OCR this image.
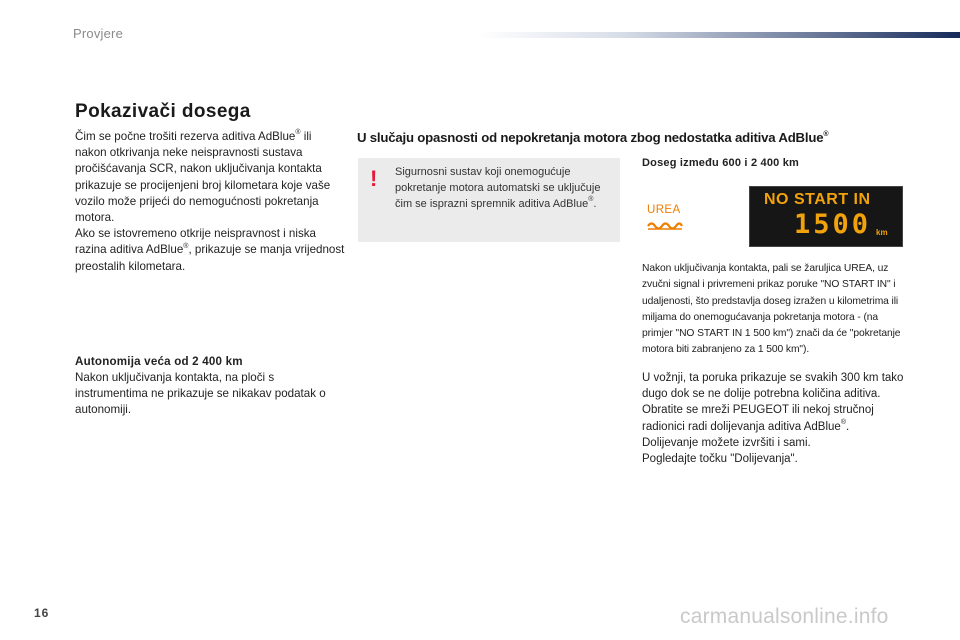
Provjere
Pokazivači dosega

Čim se počne trošiti rezerva aditiva AdBlue® ili nakon otkrivanja neke neispravnosti sustava pročišćavanja SCR, nakon uključivanja kontakta prikazuje se procijenjeni broj kilometara koje vaše vozilo može prijeći do nemogućnosti pokretanja motora.

Ako se istovremeno otkrije neispravnost i niska razina aditiva AdBlue®, prikazuje se manja vrijednost preostalih kilometara.

Autonomija veća od 2 400 km
Nakon uključivanja kontakta, na ploči s instrumentima ne prikazuje se nikakav podatak o autonomiji.
U slučaju opasnosti od nepokretanja motora zbog nedostatka aditiva AdBlue®
! Sigurnosni sustav koji onemogućuje pokretanje motora automatski se uključuje čim se isprazni spremnik aditiva AdBlue®.
Doseg između 600 i 2 400 km
UREA
NO START IN
1500 km

Nakon uključivanja kontakta, pali se žaruljica UREA, uz zvučni signal i privremeni prikaz poruke "NO START IN" i udaljenosti, što predstavlja doseg izražen u kilometrima ili miljama do onemogućavanja pokretanja motora - (na primjer "NO START IN 1 500 km") znači da će "pokretanje motora biti zabranjeno za 1 500 km").

U vožnji, ta poruka prikazuje se svakih 300 km tako dugo dok se ne dolije potrebna količina aditiva.

Obratite se mreži PEUGEOT ili nekoj stručnoj radionici radi dolijevanja aditiva AdBlue®.

Dolijevanje možete izvršiti i sami.

Pogledajte točku "Dolijevanja".

16	carmanualsonline.info
